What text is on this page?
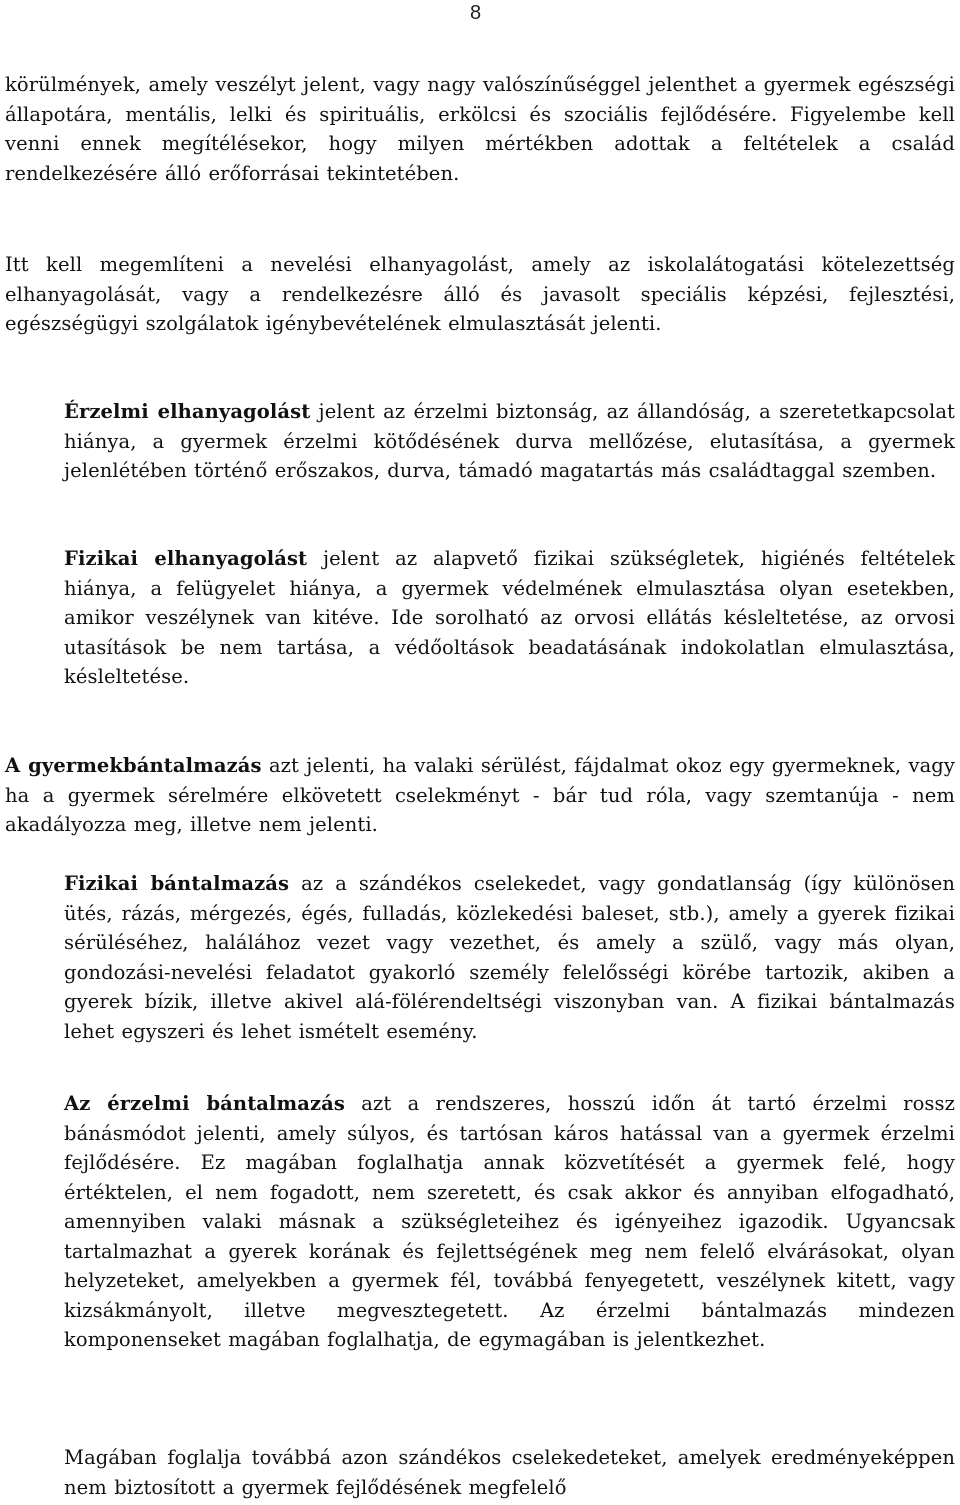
8

körülmények, amely veszélyt jelent, vagy nagy valószínűséggel jelenthet a gyermek egészségi állapotára, mentális, lelki és spirituális, erkölcsi és szociális fejlődésére. Figyelembe kell venni ennek megítélésekor, hogy milyen mértékben adottak a feltételek a család rendelkezésére álló erőforrásai tekintetében.

Itt kell megemlíteni a nevelési elhanyagolást, amely az iskolalátogatási kötelezettség elhanyagolását, vagy a rendelkezésre álló és javasolt speciális képzési, fejlesztési, egészségügyi szolgálatok igénybevételének elmulasztását jelenti.

Érzelmi elhanyagolást jelent az érzelmi biztonság, az állandóság, a szeretetkapcsolat hiánya, a gyermek érzelmi kötődésének durva mellőzése, elutasítása, a gyermek jelenlétében történő erőszakos, durva, támadó magatartás más családtaggal szemben.

Fizikai elhanyagolást jelent az alapvető fizikai szükségletek, higiénés feltételek hiánya, a felügyelet hiánya, a gyermek védelmének elmulasztása olyan esetekben, amikor veszélynek van kitéve. Ide sorolható az orvosi ellátás késleltetése, az orvosi utasítások be nem tartása, a védőoltások beadatásának indokolatlan elmulasztása, késleltetése.

A gyermekbántalmazás azt jelenti, ha valaki sérülést, fájdalmat okoz egy gyermeknek, vagy ha a gyermek sérelmére elkövetett cselekményt - bár tud róla, vagy szemtanúja - nem akadályozza meg, illetve nem jelenti.

Fizikai bántalmazás az a szándékos cselekedet, vagy gondatlanság (így különösen ütés, rázás, mérgezés, égés, fulladás, közlekedési baleset, stb.), amely a gyerek fizikai sérüléséhez, halálához vezet vagy vezethet, és amely a szülő, vagy más olyan, gondozási-nevelési feladatot gyakorló személy felelősségi körébe tartozik, akiben a gyerek bízik, illetve akivel alá-fölérendeltségi viszonyban van. A fizikai bántalmazás lehet egyszeri és lehet ismételt esemény.

Az érzelmi bántalmazás azt a rendszeres, hosszú időn át tartó érzelmi rossz bánásmódot jelenti, amely súlyos, és tartósan káros hatással van a gyermek érzelmi fejlődésére. Ez magában foglalhatja annak közvetítését a gyermek felé, hogy értéktelen, el nem fogadott, nem szeretett, és csak akkor és annyiban elfogadható, amennyiben valaki másnak a szükségleteihez és igényeihez igazodik. Ugyancsak tartalmazhat a gyerek korának és fejlettségének meg nem felelő elvárásokat, olyan helyzeteket, amelyekben a gyermek fél, továbbá fenyegetett, veszélynek kitett, vagy kizsákmányolt, illetve megvesztegetett. Az érzelmi bántalmazás mindezen komponenseket magában foglalhatja, de egymagában is jelentkezhet.

Magában foglalja továbbá azon szándékos cselekedeteket, amelyek eredményeképpen nem biztosított a gyermek fejlődésének megfelelő
